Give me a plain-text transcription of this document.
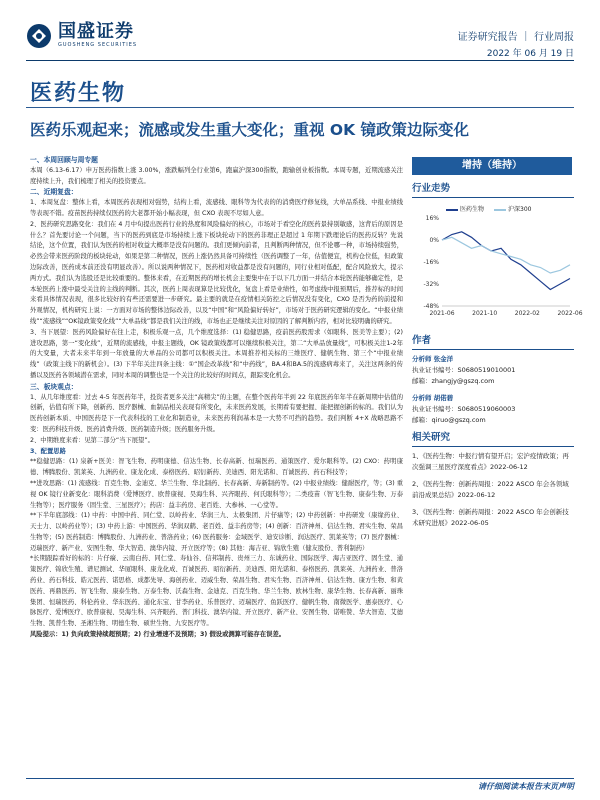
国盛证券
GUOSHENG SECURITIES
证券研究报告 ｜ 行业周报
2022 年 06 月 19 日
医药生物
医药乐观起来；流感或发生重大变化；重视 OK 镜政策边际变化
增持（维持）

一、本周回顾与周专题

本周（6.13-6.17）申万医药指数上涨 3.00%，涨跌幅列全行业第6，跑赢沪深300指数，跑输创业板指数。本周专题，近期流感关注度持续上升，我们梳理了相关的投资要点。

二、近期复盘：

1、本周复盘：整体上看，本周医药表现相对强势，结构上看，流感线、眼科等为代表的的消费医疗修复线，大单品系线、中报业绩线等表现不错。疫苗医药持续仅医药的大老都开始小幅表现，但 CXO 表现不尽如人意。

2、医药研究思路变化：我们在 4 月中旬提出医药行业的热度和风险偏好的核心，市场对于看空化的医药景持别敏感，这背后的原因是什么？首先要讨论一个问题，当下的医药到底是市场持续上涨下板块轮动下的医药非理正是超过 1 年期下跌理论后的医药反转？先说结论，这个位置，我们认为医药的相对收益大概率是没有问题的。我们更倾向前者，且判断两种情况，但不论哪一种，市场持续强势，必然会带来医药阶段的板块轮动，如果是第二种情况，医药上涨仍然具备可持续性（医药调整了一年，估值便宜，机构仓位低，但政策边际改善，医药成本前还没有明显改善）。所以说两种情况下，医药相对收益都是没有问题的，同行业相对低配，配合风险放大，提示两方式。我们认为选股还是比较重要的。整体来看，在近期医药的增长机会主要集中在于以下几方面一并结合本轮医药能够确定性，是本轮医药上涨中最受关注的主线的判断。其次，医药上周表现算是比较优化，复盘上看是业绩性，如考虑线中报预期后，推荐标的时间来看具体情况表现，很多比较好的有些还需要进一步研究。最主要的就是在疫情相关防控之后情况没有变化，CXO 是否为药的前提和外观情况，机构研究上说：一方面对市场的整体边际改善，以及“中国”和“风险偏好转好”，市场对于医药研究逻辑的变化。“中报业绩线”“流感线”“OK镜政策变化线”“大单品线”都是我们关注的线，市场也正是继续关注对原因的了解判断内容，相对比较明确的研究。

3、当下展望：医药风险偏好在往上走，积极乐观一点，几个维度选择：(1) 稳健思路，疫前医药股需求（如眼科、医美等主要）；(2) 进攻思路，第一“变化线”，近期的流感线，中报主题线，OK 镜政策线都可以继续积极关注，第二“大单品放量线”，可积极关注1-2年的大变量，大者未来半年到一年放量的大单品的公司都可以积极关注。本周推荐相关标的三维医疗、健帆生物、第三个“中报业绩线”（政策主线下的新机会）。(3) 下半年关注四条主线：①“国企改革线”和“中药线”，BA.4和BA.5的流感病毒来了，关注这两条的传播以及医药各领域潜在需求，同时本周的调整也是一个关注的比较好的时间点，跟踪变化机会。

三、板块观点：

1、从几年维度看：过去 4-5 年医药年半，投资者更多关注“高精尖”的主题，在整个医药年半到 22 年底医药年年半在新周期中估值的创新，估值有所下降，创新药、医疗器械、血制品相关表现有所变化，未来医药发展，长期看有要把握、能把握创新的标的。我们认为医药创新本质、中国医药是下一代表科技的工业化和制造业，未来医药利润基本是一大势不可挡的趋势。我们判断 4+X 战略思路不变：医药科技升级、医药消费升级、医药制造升级；医药服务升级。

2、中期维度来看：见第二部分“当下展望”。

3、配置思路

**稳健思路：(1) 泉新+医美：智飞生物、药明康德、信达生物、长春高新、恒瑞医药、通策医疗、爱尔眼科等。(2) CXO：药明康德、博腾股份、凯莱英、九洲药业、康龙化成、泰格医药、昭衍新药、美迪西、阳光诺和、百诚医药、药石科技等；

**进攻思路：(1) 流感线：百克生物、金迪克、华兰生物、华北制药、长春高新、寿新制药等。(2) 中报业绩线：健耐医疗，等；(3) 重视 OK 镜行业新变化：眼科消费（爱博医疗、欧普康视、昊海生科、兴齐眼药、何氏眼科等）；二类疫苗（智飞生物、康泰生物、万泰生物等）；医疗服务（固生堂、三星医疗）；药店：益丰药房、老百姓、大参林、一心堂等。

**下半年底部线：(1) 中药：中国中药、同仁堂、以岭药业、华润三九、太极集团、片仔癀等；(2) 中药创新：中药研发（康缘药业、天士力、以岭药业等）；(3) 中药上游：中国医药、华润双鹤、老百姓、益丰药房等；(4) 创新：百济神州、信达生物、君实生物、荣昌生物等；(5) 医药制造：博腾股份、九洲药业、普洛药业；(6) 医药服务：金域医学、迪安诊断、润达医疗、凯莱英等；(7) 医疗器械：迈瑞医疗、新产业、安图生物、华大智造、澳华内镜、开立医疗等；(8) 其他：海吉亚、锦欣生殖（健友股份、普利制药）

*长期跟踪看好的标的：片仔癀、云南白药、同仁堂、寿仙谷、信邦制药、贵州三力、东诚药业、国际医学、海吉亚医疗、固生堂、通策医疗、锦欣生殖、谱尼测试、华厦眼科、康龙化成、百诚医药、昭衍新药、美迪西、阳光诺和、泰格医药、凯莱英、九洲药业、普洛药业、药石科技、皓元医药、诺思格、成都先导、海创药业、迈威生物、荣昌生物、君实生物、百济神州、信达生物、康方生物、和黄医药、再鼎医药、智飞生物、康泰生物、万泰生物、沃森生物、金迪克、百克生物、华兰生物、欧林生物、康华生物、长春高新、丽珠集团、恒瑞医药、科伦药业、华东医药、通化东宝、甘李药业、乐普医疗、迈瑞医疗、鱼跃医疗、健帆生物、南微医学、惠泰医疗、心脉医疗、爱博医疗、欧普康视、昊海生科、兴齐眼药、普门科技、澳华内镜、开立医疗、新产业、安图生物、诺唯赞、华大智造、艾德生物、凯普生物、圣湘生物、明德生物、硕世生物、九安医疗等。

风险提示：1) 负向政策持续超预期；2) 行业增速不及预期；3) 假设或测算可能存在误差。

行业走势
16%
0%
-16%
-32%
-48%
2021-06	2021-10	2022-02	2022-06
医药生物	沪深300
作者
分析师 张金洋
执业证书编号：S0680519010001
邮箱：zhangjy@gszq.com
分析师 胡偌碧
执业证书编号：S0680519060003
邮箱：qiruo@gszq.com
相关研究

1、《医药生物：中报行情有望开启；宏沪疫情政策；再次强调三星医疗深度看点》2022-06-12

2、《医药生物：创新药周报：2022 ASCO 年会各领域前沿成果总结》2022-06-12

3、《医药生物：创新药周报：2022 ASCO 年会创新技术研究进展》2022-06-05

请仔细阅读本报告末页声明
